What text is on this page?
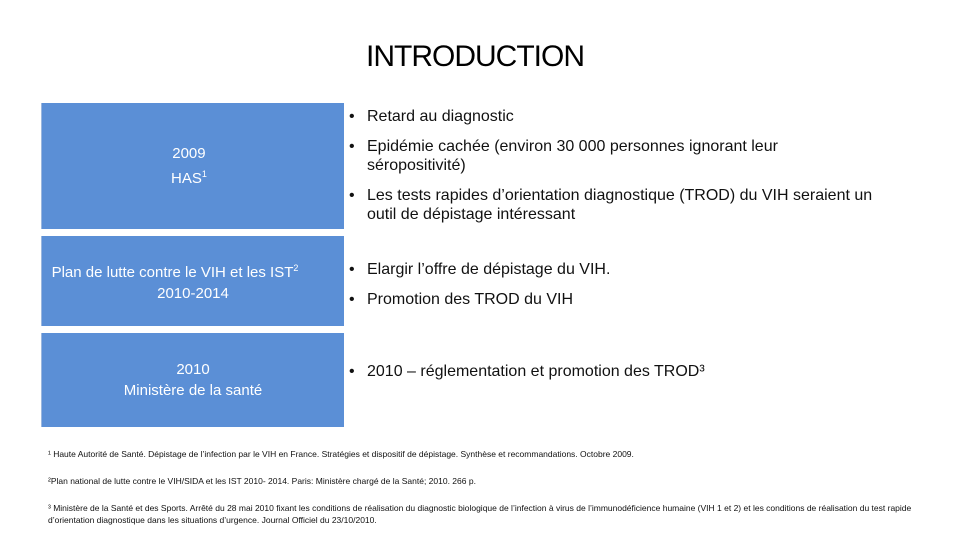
INTRODUCTION
2009
HAS$^1$
Plan de lutte contre le VIH et les IST$^2$
2010-2014
2010
Ministère de la santé
• Retard au diagnostic
• Epidémie cachée (environ 30 000 personnes ignorant leur séropositivité)
• Les tests rapides d’orientation diagnostique (TROD) du VIH seraient un outil de dépistage intéressant
• Elargir l’offre de dépistage du VIH.
• Promotion des TROD du VIH
• 2010 – réglementation et promotion des TROD³
¹ Haute Autorité de Santé. Dépistage de l’infection par le VIH en France. Stratégies et dispositif de dépistage. Synthèse et recommandations. Octobre 2009.
²Plan national de lutte contre le VIH/SIDA et les IST 2010- 2014. Paris: Ministère chargé de la Santé; 2010. 266 p.
³ Ministère de la Santé et des Sports. Arrêté du 28 mai 2010 fixant les conditions de réalisation du diagnostic biologique de l’infection à virus de l’immunodéficience humaine (VIH 1 et 2) et les conditions de réalisation du test rapide d’orientation diagnostique dans les situations d’urgence. Journal Officiel du 23/10/2010.
